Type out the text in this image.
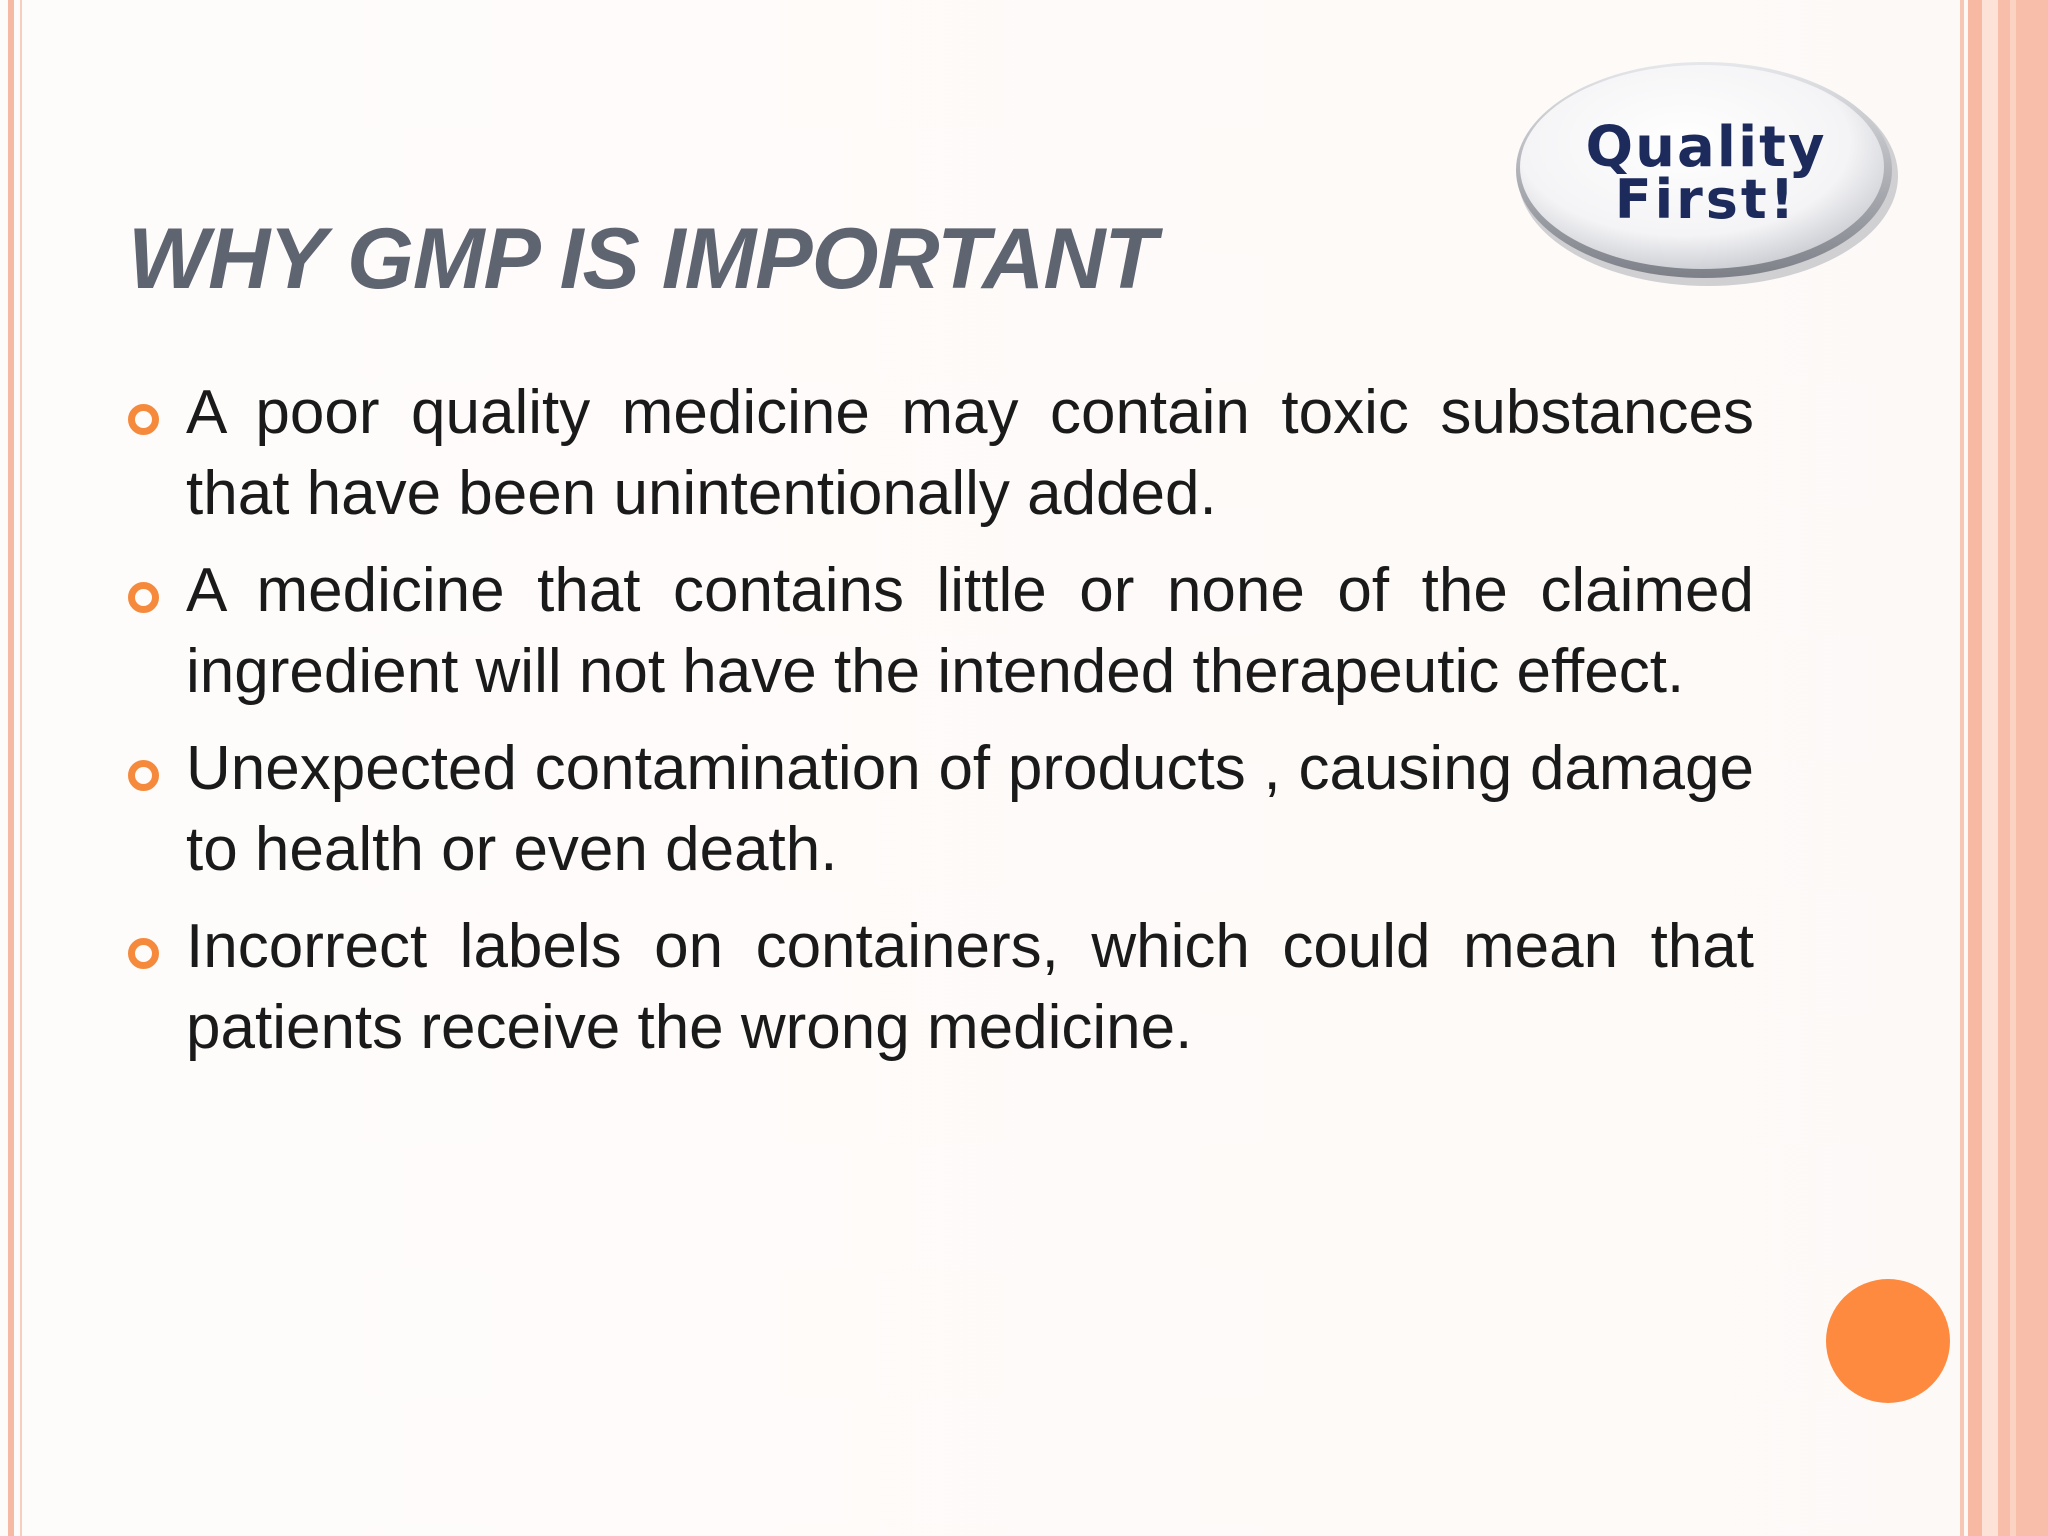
WHY GMP IS IMPORTANT
Quality
First!
A poor quality medicine may contain toxic substances that have been unintentionally added.
A medicine that contains little or none of the claimed ingredient will not have the intended therapeutic effect.
Unexpected contamination of products , causing damage to health or even death.
Incorrect labels on containers, which could mean that patients receive the wrong medicine.
